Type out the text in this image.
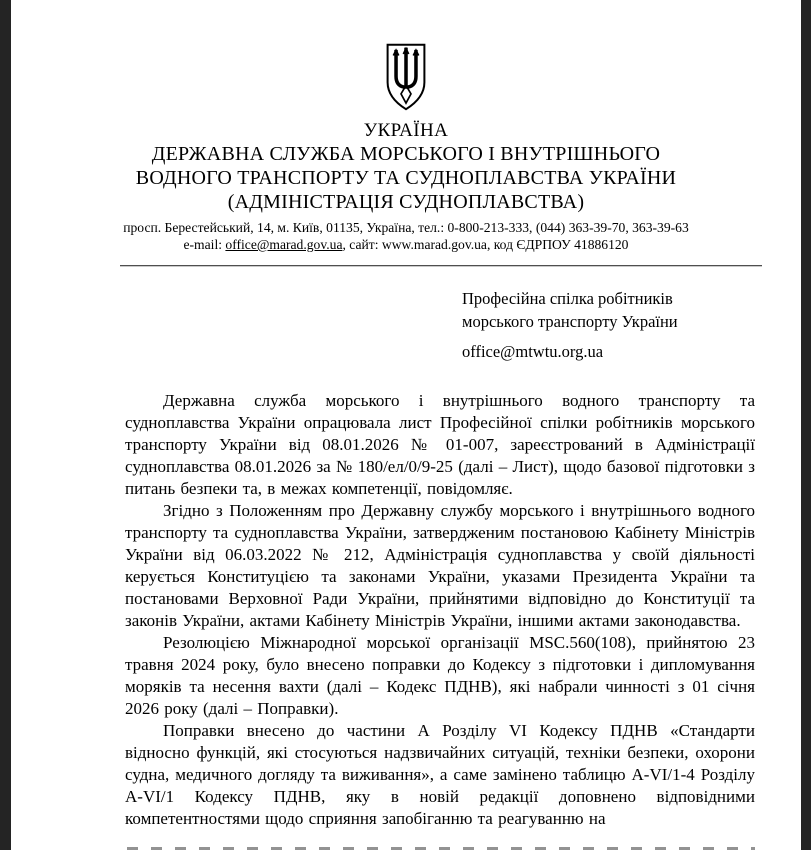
УКРАЇНА
ДЕРЖАВНА СЛУЖБА МОРСЬКОГО І ВНУТРІШНЬОГО
ВОДНОГО ТРАНСПОРТУ ТА СУДНОПЛАВСТВА УКРАЇНИ
(АДМІНІСТРАЦІЯ СУДНОПЛАВСТВА)
просп. Берестейський, 14, м. Київ, 01135, Україна, тел.: 0-800-213-333, (044) 363-39-70, 363-39-63
e-mail: office@marad.gov.ua, сайт: www.marad.gov.ua, код ЄДРПОУ 41886120
Професійна спілка робітників
морського транспорту України
office@mtwtu.org.ua

Державна служба морського і внутрішнього водного транспорту та судноплавства України опрацювала лист Професійної спілки робітників морського транспорту України від 08.01.2026 № 01-007, зареєстрований в Адміністрації судноплавства 08.01.2026 за № 180/ел/0/9-25 (далі – Лист), щодо базової підготовки з питань безпеки та, в межах компетенції, повідомляє.

Згідно з Положенням про Державну службу морського і внутрішнього водного транспорту та судноплавства України, затвердженим постановою Кабінету Міністрів України від 06.03.2022 № 212, Адміністрація судноплавства у своїй діяльності керується Конституцією та законами України, указами Президента України та постановами Верховної Ради України, прийнятими відповідно до Конституції та законів України, актами Кабінету Міністрів України, іншими актами законодавства.

Резолюцією Міжнародної морської організації MSC.560(108), прийнятою 23 травня 2024 року, було внесено поправки до Кодексу з підготовки і дипломування моряків та несення вахти (далі – Кодекс ПДНВ), які набрали чинності з 01 січня 2026 року (далі – Поправки).

Поправки внесено до частини А Розділу VI Кодексу ПДНВ «Стандарти відносно функцій, які стосуються надзвичайних ситуацій, техніки безпеки, охорони судна, медичного догляду та виживання», а саме замінено таблицю А-VI/1-4 Розділу А-VI/1 Кодексу ПДНВ, яку в новій редакції доповнено відповідними компетентностями щодо сприяння запобіганню та реагуванню на
